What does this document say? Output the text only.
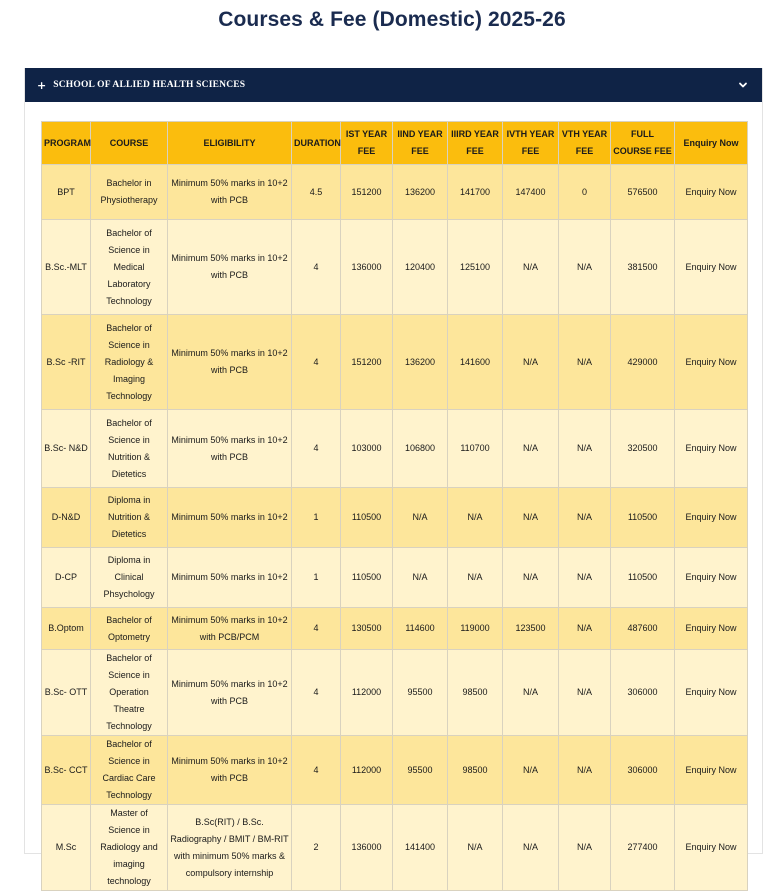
Courses & Fee (Domestic) 2025-26
+ SCHOOL OF ALLIED HEALTH SCIENCES
PROGRAM	COURSE	ELIGIBILITY	DURATION	IST YEAR FEE	IIND YEAR FEE	IIIRD YEAR FEE	IVTH YEAR FEE	VTH YEAR FEE	FULL COURSE FEE	Enquiry Now
BPT	Bachelor in Physiotherapy	Minimum 50% marks in 10+2 with PCB	4.5	151200	136200	141700	147400	0	576500	Enquiry Now
B.Sc.-MLT	Bachelor of Science in Medical Laboratory Technology	Minimum 50% marks in 10+2 with PCB	4	136000	120400	125100	N/A	N/A	381500	Enquiry Now
B.Sc -RIT	Bachelor of Science in Radiology & Imaging Technology	Minimum 50% marks in 10+2 with PCB	4	151200	136200	141600	N/A	N/A	429000	Enquiry Now
B.Sc- N&D	Bachelor of Science in Nutrition & Dietetics	Minimum 50% marks in 10+2 with PCB	4	103000	106800	110700	N/A	N/A	320500	Enquiry Now
D-N&D	Diploma in Nutrition & Dietetics	Minimum 50% marks in 10+2	1	110500	N/A	N/A	N/A	N/A	110500	Enquiry Now
D-CP	Diploma in Clinical Phsychology	Minimum 50% marks in 10+2	1	110500	N/A	N/A	N/A	N/A	110500	Enquiry Now
B.Optom	Bachelor of Optometry	Minimum 50% marks in 10+2 with PCB/PCM	4	130500	114600	119000	123500	N/A	487600	Enquiry Now
B.Sc- OTT	Bachelor of Science in Operation Theatre Technology	Minimum 50% marks in 10+2 with PCB	4	112000	95500	98500	N/A	N/A	306000	Enquiry Now
B.Sc- CCT	Bachelor of Science in Cardiac Care Technology	Minimum 50% marks in 10+2 with PCB	4	112000	95500	98500	N/A	N/A	306000	Enquiry Now
M.Sc	Master of Science in Radiology and imaging technology	B.Sc(RIT) / B.Sc. Radiography / BMIT / BM-RIT with minimum 50% marks & compulsory internship	2	136000	141400	N/A	N/A	N/A	277400	Enquiry Now
